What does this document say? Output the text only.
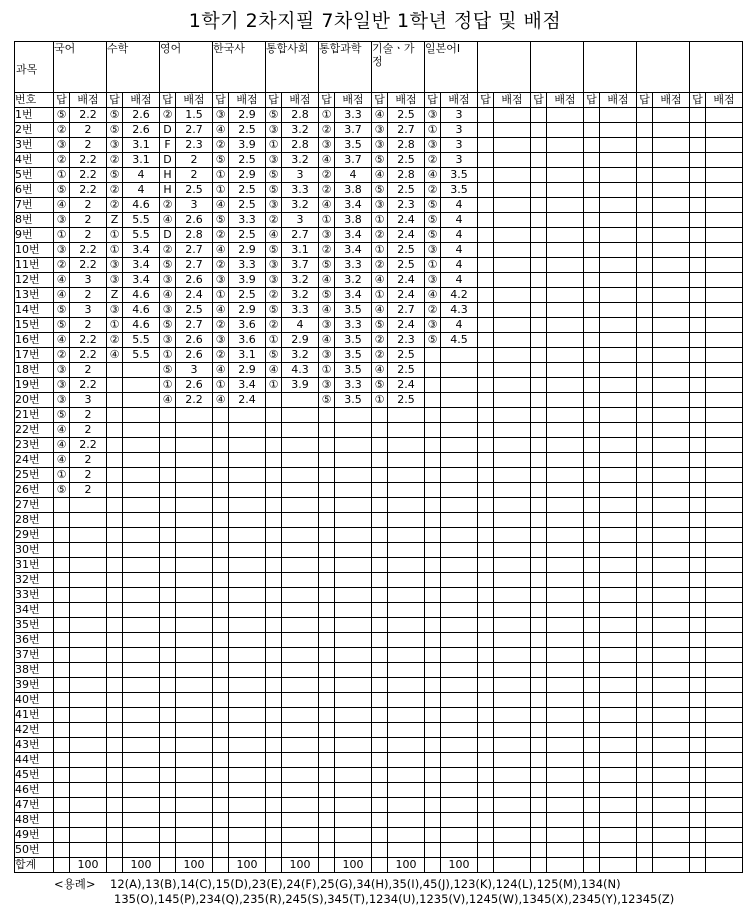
1학기 2차지필 7차일반 1학년 정답 및 배점
과목	국어		수학		영어		한국사		통합사회		통합과학		기술ㆍ가정		일본어Ⅰ											
번호	답	배점	답	배점	답	배점	답	배점	답	배점	답	배점	답	배점	답	배점	답	배점	답	배점	답	배점	답	배점	답	배점
1번	⑤	2.2	⑤	2.6	②	1.5	③	2.9	⑤	2.8	①	3.3	④	2.5	③	3										
2번	②	2	⑤	2.6	D	2.7	④	2.5	③	3.2	②	3.7	③	2.7	①	3										
3번	③	2	③	3.1	F	2.3	②	3.9	①	2.8	③	3.5	③	2.8	③	3										
4번	②	2.2	②	3.1	D	2	⑤	2.5	③	3.2	④	3.7	⑤	2.5	②	3										
5번	①	2.2	⑤	4	H	2	①	2.9	⑤	3	②	4	④	2.8	④	3.5										
6번	⑤	2.2	②	4	H	2.5	①	2.5	⑤	3.3	②	3.8	⑤	2.5	②	3.5										
7번	④	2	②	4.6	②	3	④	2.5	③	3.2	④	3.4	③	2.3	⑤	4										
8번	③	2	Z	5.5	④	2.6	⑤	3.3	②	3	①	3.8	①	2.4	⑤	4										
9번	①	2	①	5.5	D	2.8	②	2.5	④	2.7	③	3.4	②	2.4	⑤	4										
10번	③	2.2	①	3.4	②	2.7	④	2.9	⑤	3.1	②	3.4	①	2.5	③	4										
11번	②	2.2	③	3.4	⑤	2.7	②	3.3	③	3.7	⑤	3.3	②	2.5	①	4										
12번	④	3	③	3.4	③	2.6	③	3.9	③	3.2	④	3.2	④	2.4	③	4										
13번	④	2	Z	4.6	④	2.4	①	2.5	②	3.2	⑤	3.4	①	2.4	④	4.2										
14번	⑤	3	③	4.6	③	2.5	④	2.9	⑤	3.3	④	3.5	④	2.7	②	4.3										
15번	⑤	2	①	4.6	⑤	2.7	②	3.6	②	4	③	3.3	⑤	2.4	③	4										
16번	④	2.2	②	5.5	③	2.6	③	3.6	①	2.9	④	3.5	②	2.3	⑤	4.5										
17번	②	2.2	④	5.5	①	2.6	②	3.1	⑤	3.2	③	3.5	②	2.5												
18번	③	2			⑤	3	④	2.9	④	4.3	①	3.5	④	2.5												
19번	③	2.2			①	2.6	①	3.4	①	3.9	③	3.3	⑤	2.4												
20번	③	3			④	2.2	④	2.4			⑤	3.5	①	2.5												
21번	⑤	2																								
22번	④	2																								
23번	④	2.2																								
24번	④	2																								
25번	①	2																								
26번	⑤	2																								
27번																										
28번																										
29번																										
30번																										
31번																										
32번																										
33번																										
34번																										
35번																										
36번																										
37번																										
38번																										
39번																										
40번																										
41번																										
42번																										
43번																										
44번																										
45번																										
46번																										
47번																										
48번																										
49번																										
50번																										
합계		100		100		100		100		100		100		100		100										
<용례> 12(A),13(B),14(C),15(D),23(E),24(F),25(G),34(H),35(I),45(J),123(K),124(L),125(M),134(N)
135(O),145(P),234(Q),235(R),245(S),345(T),1234(U),1235(V),1245(W),1345(X),2345(Y),12345(Z)
